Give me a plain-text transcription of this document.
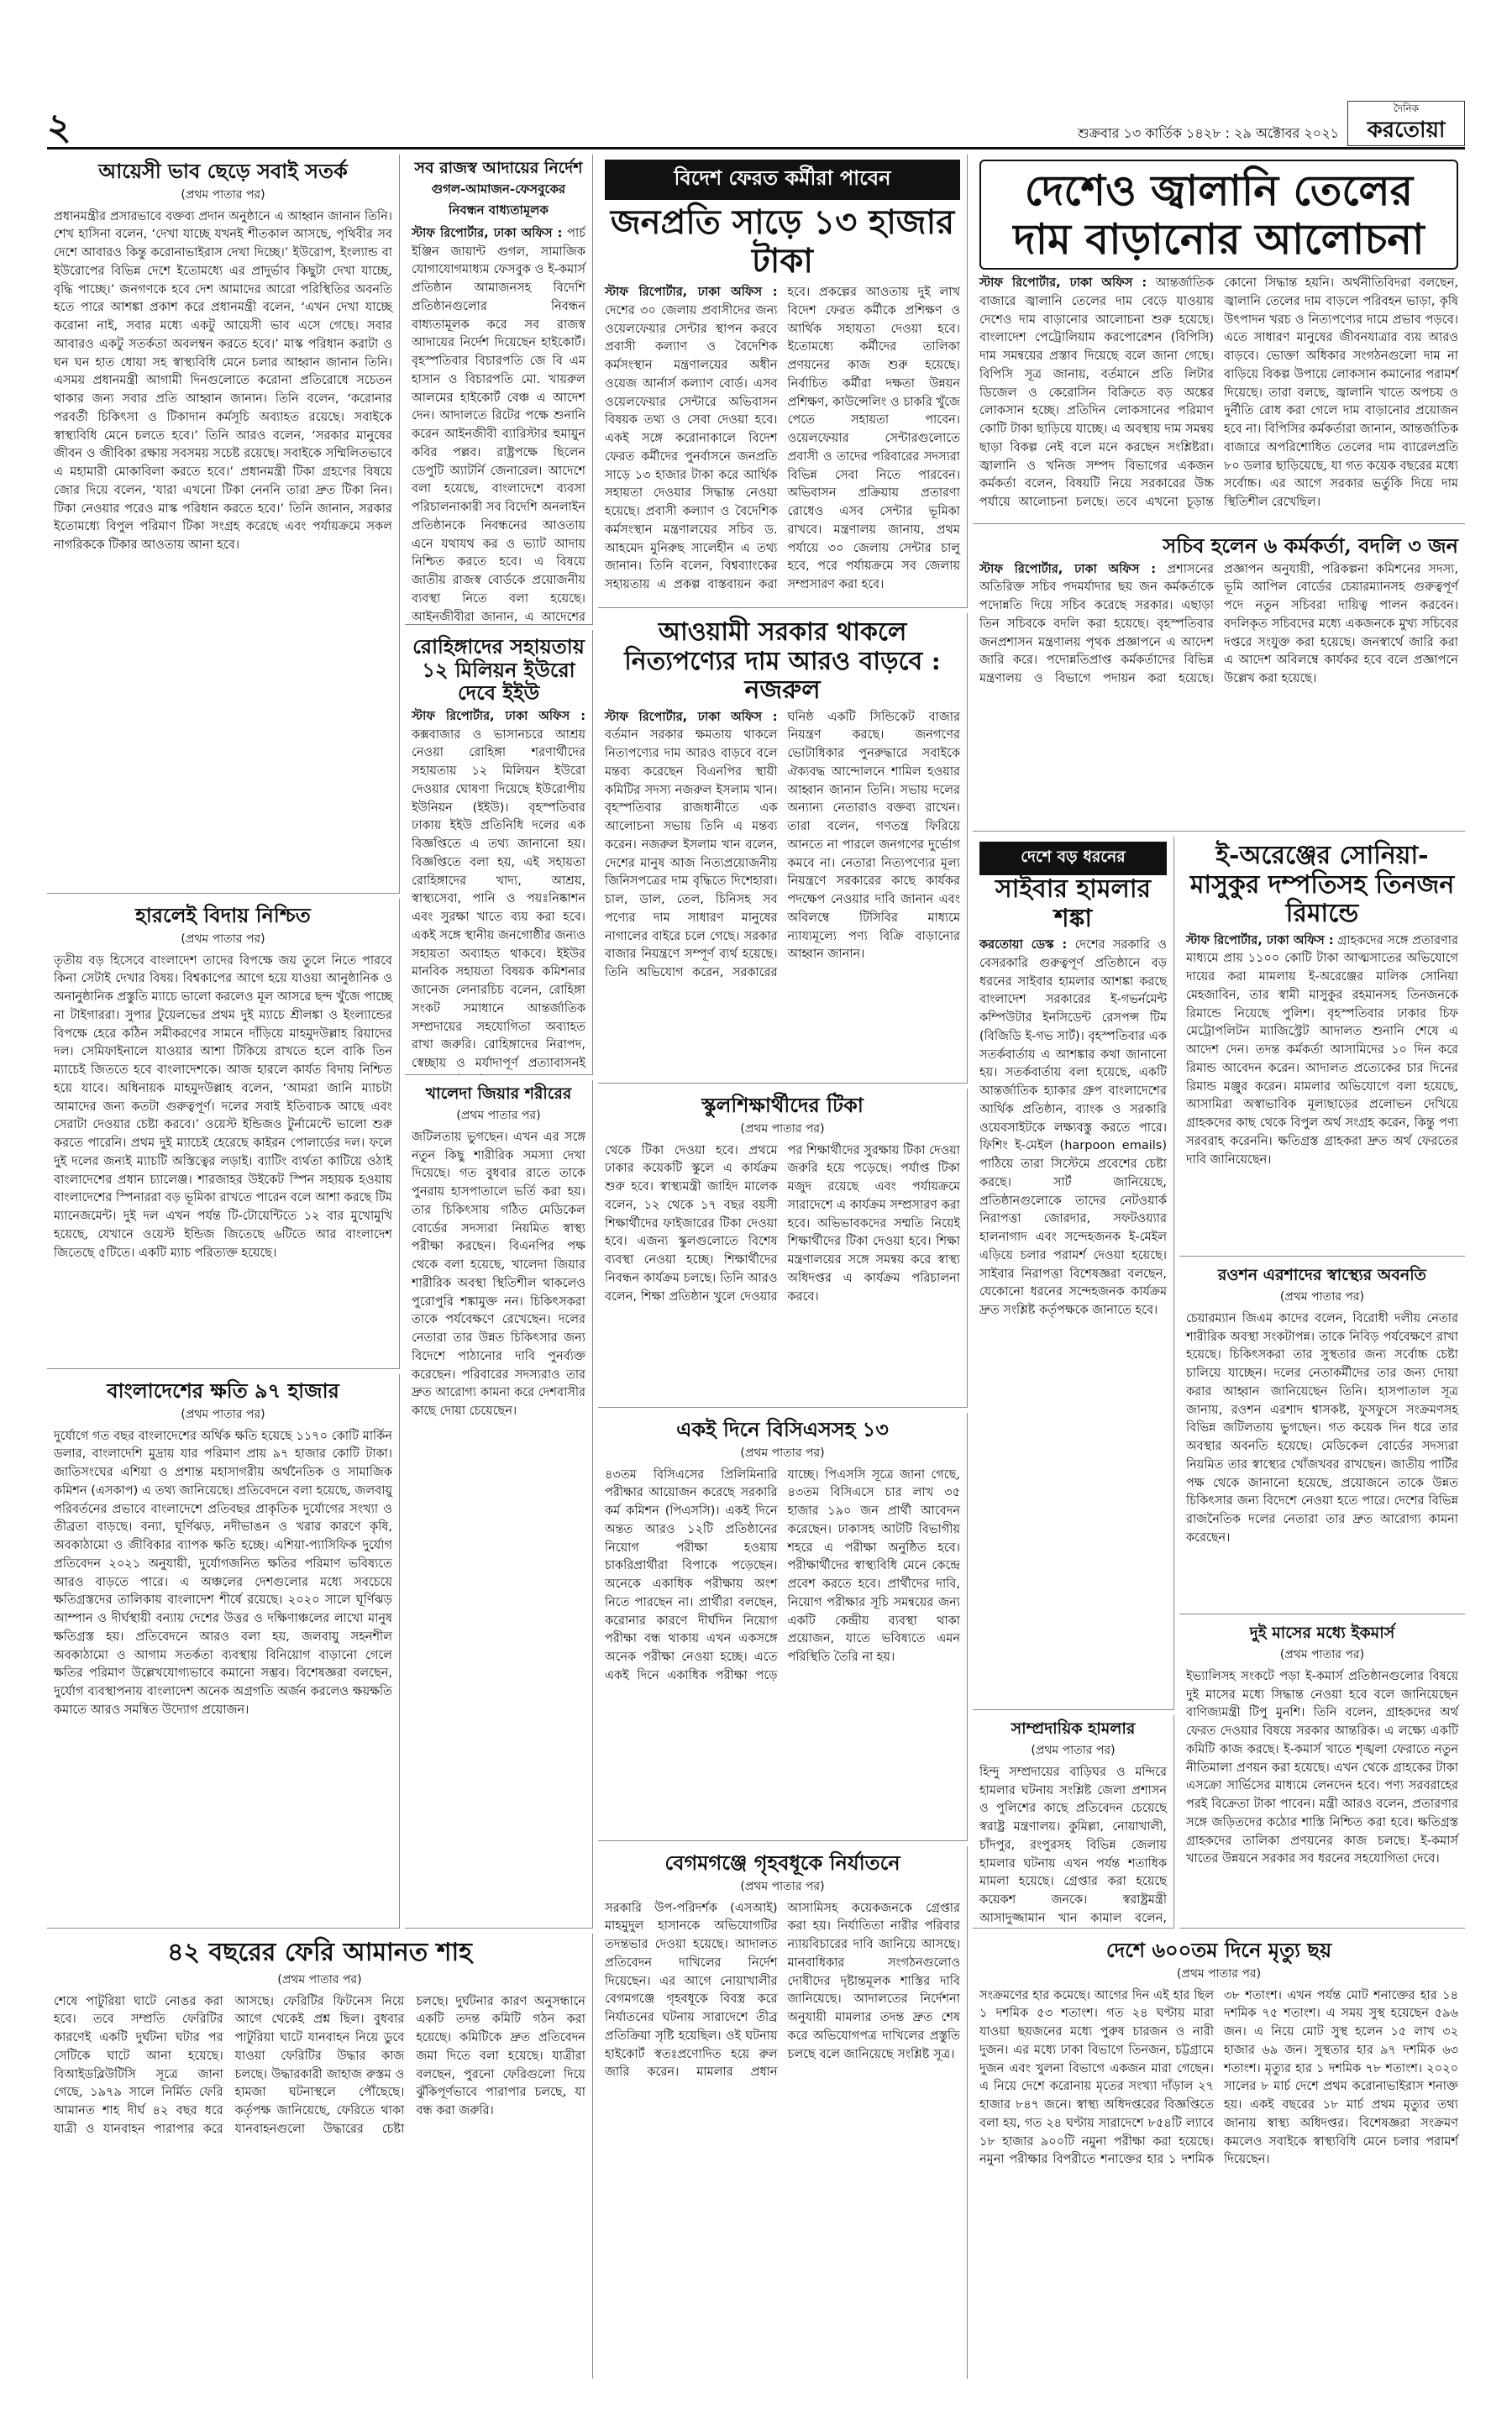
২	শুক্রবার ১৩ কার্তিক ১৪২৮ : ২৯ অক্টোবর ২০২১
দৈনিক
করতোয়া
আয়েসী ভাব ছেড়ে সবাই সতর্ক
(প্রথম পাতার পর)
প্রধানমন্ত্রীর প্রসারভাবে বক্তব্য প্রদান অনুষ্ঠানে এ আহ্বান জানান তিনি। শেখ হাসিনা বলেন, ‘দেখা যাচ্ছে যখনই শীতকাল আসছে, পৃথিবীর সব দেশে আবারও কিন্তু করোনাভাইরাস দেখা দিচ্ছে।’ ইউরোপ, ইংল্যান্ড বা ইউরোপের বিভিন্ন দেশে ইতোমধ্যে এর প্রাদুর্ভাব কিছুটা দেখা যাচ্ছে, বৃদ্ধি পাচ্ছে।’ জনগণকে হবে দেশ আমাদের আরো পরিস্থিতির অবনতি হতে পারে আশঙ্কা প্রকাশ করে প্রধানমন্ত্রী বলেন, ‘এখন দেখা যাচ্ছে করোনা নাই, সবার মধ্যে একটু আয়েসী ভাব এসে গেছে। সবার আবারও একটু সতর্কতা অবলম্বন করতে হবে।’ মাস্ক পরিধান করাটা ও ঘন ঘন হাত ধোয়া সহ স্বাস্থ্যবিধি মেনে চলার আহ্বান জানান তিনি। এসময় প্রধানমন্ত্রী আগামী দিনগুলোতে করোনা প্রতিরোধে সচেতন থাকার জন্য সবার প্রতি আহ্বান জানান। তিনি বলেন, ‘করোনার পরবর্তী চিকিৎসা ও টিকাদান কর্মসূচি অব্যাহত রয়েছে। সবাইকে স্বাস্থ্যবিধি মেনে চলতে হবে।’ তিনি আরও বলেন, ‘সরকার মানুষের জীবন ও জীবিকা রক্ষায় সবসময় সচেষ্ট রয়েছে। সবাইকে সম্মিলিতভাবে এ মহামারী মোকাবিলা করতে হবে।’ প্রধানমন্ত্রী টিকা গ্রহণের বিষয়ে জোর দিয়ে বলেন, ‘যারা এখনো টিকা নেননি তারা দ্রুত টিকা নিন। টিকা নেওয়ার পরেও মাস্ক পরিধান করতে হবে।’ তিনি জানান, সরকার ইতোমধ্যে বিপুল পরিমাণ টিকা সংগ্রহ করেছে এবং পর্যায়ক্রমে সকল নাগরিককে টিকার আওতায় আনা হবে।
হারলেই বিদায় নিশ্চিত
(প্রথম পাতার পর)
তৃতীয় বড় হিসেবে বাংলাদেশ তাদের বিপক্ষে জয় তুলে নিতে পারবে কিনা সেটাই দেখার বিষয়। বিশ্বকাপের আগে হয়ে যাওয়া আনুষ্ঠানিক ও অনানুষ্ঠানিক প্রস্তুতি ম্যাচে ভালো করলেও মূল আসরে ছন্দ খুঁজে পাচ্ছে না টাইগাররা। সুপার টুয়েলভের প্রথম দুই ম্যাচে শ্রীলঙ্কা ও ইংল্যান্ডের বিপক্ষে হেরে কঠিন সমীকরণের সামনে দাঁড়িয়ে মাহমুদউল্লাহ রিয়াদের দল। সেমিফাইনালে যাওয়ার আশা টিকিয়ে রাখতে হলে বাকি তিন ম্যাচেই জিততে হবে বাংলাদেশকে। আজ হারলে কার্যত বিদায় নিশ্চিত হয়ে যাবে। অধিনায়ক মাহমুদউল্লাহ বলেন, ‘আমরা জানি ম্যাচটা আমাদের জন্য কতটা গুরুত্বপূর্ণ। দলের সবাই ইতিবাচক আছে এবং সেরাটা দেওয়ার চেষ্টা করবে।’ ওয়েস্ট ইন্ডিজও টুর্নামেন্টে ভালো শুরু করতে পারেনি। প্রথম দুই ম্যাচেই হেরেছে কাইরন পোলার্ডের দল। ফলে দুই দলের জন্যই ম্যাচটি অস্তিত্বের লড়াই। ব্যাটিং ব্যর্থতা কাটিয়ে ওঠাই বাংলাদেশের প্রধান চ্যালেঞ্জ। শারজাহর উইকেট স্পিন সহায়ক হওয়ায় বাংলাদেশের স্পিনাররা বড় ভূমিকা রাখতে পারেন বলে আশা করছে টিম ম্যানেজমেন্ট। দুই দল এখন পর্যন্ত টি-টোয়েন্টিতে ১২ বার মুখোমুখি হয়েছে, যেখানে ওয়েস্ট ইন্ডিজ জিতেছে ৬টিতে আর বাংলাদেশ জিতেছে ৫টিতে। একটি ম্যাচ পরিত্যক্ত হয়েছে।
বাংলাদেশের ক্ষতি ৯৭ হাজার
(প্রথম পাতার পর)
দুর্যোগে গত বছর বাংলাদেশের অর্থিক ক্ষতি হয়েছে ১১৭০ কোটি মার্কিন ডলার, বাংলাদেশি মুদ্রায় যার পরিমাণ প্রায় ৯৭ হাজার কোটি টাকা। জাতিসংঘের এশিয়া ও প্রশান্ত মহাসাগরীয় অর্থনৈতিক ও সামাজিক কমিশন (এসকাপ) এ তথ্য জানিয়েছে। প্রতিবেদনে বলা হয়েছে, জলবায়ু পরিবর্তনের প্রভাবে বাংলাদেশে প্রতিবছর প্রাকৃতিক দুর্যোগের সংখ্যা ও তীব্রতা বাড়ছে। বন্যা, ঘূর্ণিঝড়, নদীভাঙন ও খরার কারণে কৃষি, অবকাঠামো ও জীবিকার ব্যাপক ক্ষতি হচ্ছে। এশিয়া-প্যাসিফিক দুর্যোগ প্রতিবেদন ২০২১ অনুযায়ী, দুর্যোগজনিত ক্ষতির পরিমাণ ভবিষ্যতে আরও বাড়তে পারে। এ অঞ্চলের দেশগুলোর মধ্যে সবচেয়ে ক্ষতিগ্রস্তদের তালিকায় বাংলাদেশ শীর্ষে রয়েছে। ২০২০ সালে ঘূর্ণিঝড় আম্পান ও দীর্ঘস্থায়ী বন্যায় দেশের উত্তর ও দক্ষিণাঞ্চলের লাখো মানুষ ক্ষতিগ্রস্ত হয়। প্রতিবেদনে আরও বলা হয়, জলবায়ু সহনশীল অবকাঠামো ও আগাম সতর্কতা ব্যবস্থায় বিনিয়োগ বাড়ানো গেলে ক্ষতির পরিমাণ উল্লেখযোগ্যভাবে কমানো সম্ভব। বিশেষজ্ঞরা বলছেন, দুর্যোগ ব্যবস্থাপনায় বাংলাদেশ অনেক অগ্রগতি অর্জন করলেও ক্ষয়ক্ষতি কমাতে আরও সমন্বিত উদ্যোগ প্রয়োজন।
৪২ বছরের ফেরি আমানত শাহ
(প্রথম পাতার পর)
শেষে পাটুরিয়া ঘাটে নোঙর করা হবে। তবে সম্প্রতি ফেরিটির কারণেই একটি দুর্ঘটনা ঘটার পর সেটিকে ঘাটে আনা হয়েছে। বিআইডব্লিউটিসি সূত্রে জানা গেছে, ১৯৭৯ সালে নির্মিত ফেরি আমানত শাহ দীর্ঘ ৪২ বছর ধরে যাত্রী ও যানবাহন পারাপার করে আসছে। ফেরিটির ফিটনেস নিয়ে আগে থেকেই প্রশ্ন ছিল। বুধবার পাটুরিয়া ঘাটে যানবাহন নিয়ে ডুবে যাওয়া ফেরিটির উদ্ধার কাজ চলছে। উদ্ধারকারী জাহাজ রুস্তম ও হামজা ঘটনাস্থলে পৌঁছেছে। কর্তৃপক্ষ জানিয়েছে, ফেরিতে থাকা যানবাহনগুলো উদ্ধারের চেষ্টা চলছে। দুর্ঘটনার কারণ অনুসন্ধানে একটি তদন্ত কমিটি গঠন করা হয়েছে। কমিটিকে দ্রুত প্রতিবেদন জমা দিতে বলা হয়েছে। যাত্রীরা বলছেন, পুরনো ফেরিগুলো দিয়ে ঝুঁকিপূর্ণভাবে পারাপার চলছে, যা বন্ধ করা জরুরি।
সব রাজস্ব আদায়ের নির্দেশ
গুগল-আমাজন-ফেসবুকের নিবন্ধন বাধ্যতামূলক
স্টাফ রিপোর্টার, ঢাকা অফিস : পার্চ ইঞ্জিন জায়ান্ট গুগল, সামাজিক যোগাযোগমাধ্যম ফেসবুক ও ই-কমার্স প্রতিষ্ঠান আমাজনসহ বিদেশি প্রতিষ্ঠানগুলোর নিবন্ধন বাধ্যতামূলক করে সব রাজস্ব আদায়ের নির্দেশ দিয়েছেন হাইকোর্ট। বৃহস্পতিবার বিচারপতি জে বি এম হাসান ও বিচারপতি মো. খায়রুল আলমের হাইকোর্ট বেঞ্চ এ আদেশ দেন। আদালতে রিটের পক্ষে শুনানি করেন আইনজীবী ব্যারিস্টার হুমায়ুন কবির পল্লব। রাষ্ট্রপক্ষে ছিলেন ডেপুটি অ্যাটর্নি জেনারেল। আদেশে বলা হয়েছে, বাংলাদেশে ব্যবসা পরিচালনাকারী সব বিদেশি অনলাইন প্রতিষ্ঠানকে নিবন্ধনের আওতায় এনে যথাযথ কর ও ভ্যাট আদায় নিশ্চিত করতে হবে। এ বিষয়ে জাতীয় রাজস্ব বোর্ডকে প্রয়োজনীয় ব্যবস্থা নিতে বলা হয়েছে। আইনজীবীরা জানান, এ আদেশের
রোহিঙ্গাদের সহায়তায় ১২ মিলিয়ন ইউরো দেবে ইইউ
স্টাফ রিপোর্টার, ঢাকা অফিস : কক্সবাজার ও ভাসানচরে আশ্রয় নেওয়া রোহিঙ্গা শরণার্থীদের সহায়তায় ১২ মিলিয়ন ইউরো দেওয়ার ঘোষণা দিয়েছে ইউরোপীয় ইউনিয়ন (ইইউ)। বৃহস্পতিবার ঢাকায় ইইউ প্রতিনিধি দলের এক বিজ্ঞপ্তিতে এ তথ্য জানানো হয়। বিজ্ঞপ্তিতে বলা হয়, এই সহায়তা রোহিঙ্গাদের খাদ্য, আশ্রয়, স্বাস্থ্যসেবা, পানি ও পয়ঃনিষ্কাশন এবং সুরক্ষা খাতে ব্যয় করা হবে। একই সঙ্গে স্থানীয় জনগোষ্ঠীর জন্যও সহায়তা অব্যাহত থাকবে। ইইউর মানবিক সহায়তা বিষয়ক কমিশনার জানেজ লেনারচিচ বলেন, রোহিঙ্গা সংকট সমাধানে আন্তর্জাতিক সম্প্রদায়ের সহযোগিতা অব্যাহত রাখা জরুরি। রোহিঙ্গাদের নিরাপদ, স্বেচ্ছায় ও মর্যাদাপূর্ণ প্রত্যাবাসনই
খালেদা জিয়ার শরীরের
(প্রথম পাতার পর)
জটিলতায় ভুগছেন। এখন এর সঙ্গে নতুন কিছু শারীরিক সমস্যা দেখা দিয়েছে। গত বুধবার রাতে তাকে পুনরায় হাসপাতালে ভর্তি করা হয়। তার চিকিৎসায় গঠিত মেডিকেল বোর্ডের সদস্যরা নিয়মিত স্বাস্থ্য পরীক্ষা করছেন। বিএনপির পক্ষ থেকে বলা হয়েছে, খালেদা জিয়ার শারীরিক অবস্থা স্থিতিশীল থাকলেও পুরোপুরি শঙ্কামুক্ত নন। চিকিৎসকরা তাকে পর্যবেক্ষণে রেখেছেন। দলের নেতারা তার উন্নত চিকিৎসার জন্য বিদেশে পাঠানোর দাবি পুনর্ব্যক্ত করেছেন। পরিবারের সদস্যরাও তার দ্রুত আরোগ্য কামনা করে দেশবাসীর কাছে দোয়া চেয়েছেন।
বিদেশ ফেরত কর্মীরা পাবেন
জনপ্রতি সাড়ে ১৩ হাজার টাকা
স্টাফ রিপোর্টার, ঢাকা অফিস : দেশের ৩০ জেলায় প্রবাসীদের জন্য ওয়েলফেয়ার সেন্টার স্থাপন করবে প্রবাসী কল্যাণ ও বৈদেশিক কর্মসংস্থান মন্ত্রণালয়ের অধীন ওয়েজ আর্নার্স কল্যাণ বোর্ড। এসব ওয়েলফেয়ার সেন্টারে অভিবাসন বিষয়ক তথ্য ও সেবা দেওয়া হবে। একই সঙ্গে করোনাকালে বিদেশ ফেরত কর্মীদের পুনর্বাসনে জনপ্রতি সাড়ে ১৩ হাজার টাকা করে আর্থিক সহায়তা দেওয়ার সিদ্ধান্ত নেওয়া হয়েছে। প্রবাসী কল্যাণ ও বৈদেশিক কর্মসংস্থান মন্ত্রণালয়ের সচিব ড. আহমেদ মুনিরুছ সালেহীন এ তথ্য জানান। তিনি বলেন, বিশ্বব্যাংকের সহায়তায় এ প্রকল্প বাস্তবায়ন করা হবে। প্রকল্পের আওতায় দুই লাখ বিদেশ ফেরত কর্মীকে প্রশিক্ষণ ও আর্থিক সহায়তা দেওয়া হবে। ইতোমধ্যে কর্মীদের তালিকা প্রণয়নের কাজ শুরু হয়েছে। নির্বাচিত কর্মীরা দক্ষতা উন্নয়ন প্রশিক্ষণ, কাউন্সেলিং ও চাকরি খুঁজে পেতে সহায়তা পাবেন। ওয়েলফেয়ার সেন্টারগুলোতে প্রবাসী ও তাদের পরিবারের সদস্যরা বিভিন্ন সেবা নিতে পারবেন। অভিবাসন প্রক্রিয়ায় প্রতারণা রোধেও এসব সেন্টার ভূমিকা রাখবে। মন্ত্রণালয় জানায়, প্রথম পর্যায়ে ৩০ জেলায় সেন্টার চালু হবে, পরে পর্যায়ক্রমে সব জেলায় সম্প্রসারণ করা হবে।
আওয়ামী সরকার থাকলে নিত্যপণ্যের দাম আরও বাড়বে : নজরুল
স্টাফ রিপোর্টার, ঢাকা অফিস : বর্তমান সরকার ক্ষমতায় থাকলে নিত্যপণ্যের দাম আরও বাড়বে বলে মন্তব্য করেছেন বিএনপির স্থায়ী কমিটির সদস্য নজরুল ইসলাম খান। বৃহস্পতিবার রাজধানীতে এক আলোচনা সভায় তিনি এ মন্তব্য করেন। নজরুল ইসলাম খান বলেন, দেশের মানুষ আজ নিত্যপ্রয়োজনীয় জিনিসপত্রের দাম বৃদ্ধিতে দিশেহারা। চাল, ডাল, তেল, চিনিসহ সব পণ্যের দাম সাধারণ মানুষের নাগালের বাইরে চলে গেছে। সরকার বাজার নিয়ন্ত্রণে সম্পূর্ণ ব্যর্থ হয়েছে। তিনি অভিযোগ করেন, সরকারের ঘনিষ্ঠ একটি সিন্ডিকেট বাজার নিয়ন্ত্রণ করছে। জনগণের ভোটাধিকার পুনরুদ্ধারে সবাইকে ঐক্যবদ্ধ আন্দোলনে শামিল হওয়ার আহ্বান জানান তিনি। সভায় দলের অন্যান্য নেতারাও বক্তব্য রাখেন। তারা বলেন, গণতন্ত্র ফিরিয়ে আনতে না পারলে জনগণের দুর্ভোগ কমবে না। নেতারা নিত্যপণ্যের মূল্য নিয়ন্ত্রণে সরকারের কাছে কার্যকর পদক্ষেপ নেওয়ার দাবি জানান এবং অবিলম্বে টিসিবির মাধ্যমে ন্যায্যমূল্যে পণ্য বিক্রি বাড়ানোর আহ্বান জানান।
স্কুলশিক্ষার্থীদের টিকা
(প্রথম পাতার পর)
থেকে টিকা দেওয়া হবে। প্রথমে ঢাকার কয়েকটি স্কুলে এ কার্যক্রম শুরু হবে। স্বাস্থ্যমন্ত্রী জাহিদ মালেক বলেন, ১২ থেকে ১৭ বছর বয়সী শিক্ষার্থীদের ফাইজারের টিকা দেওয়া হবে। এজন্য স্কুলগুলোতে বিশেষ ব্যবস্থা নেওয়া হচ্ছে। শিক্ষার্থীদের নিবন্ধন কার্যক্রম চলছে। তিনি আরও বলেন, শিক্ষা প্রতিষ্ঠান খুলে দেওয়ার পর শিক্ষার্থীদের সুরক্ষায় টিকা দেওয়া জরুরি হয়ে পড়েছে। পর্যাপ্ত টিকা মজুদ রয়েছে এবং পর্যায়ক্রমে সারাদেশে এ কার্যক্রম সম্প্রসারণ করা হবে। অভিভাবকদের সম্মতি নিয়েই শিক্ষার্থীদের টিকা দেওয়া হবে। শিক্ষা মন্ত্রণালয়ের সঙ্গে সমন্বয় করে স্বাস্থ্য অধিদপ্তর এ কার্যক্রম পরিচালনা করবে।
একই দিনে বিসিএসসহ ১৩
(প্রথম পাতার পর)
৪৩তম বিসিএসের প্রিলিমিনারি পরীক্ষার আয়োজন করেছে সরকারি কর্ম কমিশন (পিএসসি)। একই দিনে অন্তত আরও ১২টি প্রতিষ্ঠানের নিয়োগ পরীক্ষা হওয়ায় চাকরিপ্রার্থীরা বিপাকে পড়েছেন। অনেকে একাধিক পরীক্ষায় অংশ নিতে পারছেন না। প্রার্থীরা বলছেন, করোনার কারণে দীর্ঘদিন নিয়োগ পরীক্ষা বন্ধ থাকায় এখন একসঙ্গে অনেক পরীক্ষা নেওয়া হচ্ছে। এতে একই দিনে একাধিক পরীক্ষা পড়ে যাচ্ছে। পিএসসি সূত্রে জানা গেছে, ৪৩তম বিসিএসে চার লাখ ৩৫ হাজার ১৯০ জন প্রার্থী আবেদন করেছেন। ঢাকাসহ আটটি বিভাগীয় শহরে এ পরীক্ষা অনুষ্ঠিত হবে। পরীক্ষার্থীদের স্বাস্থ্যবিধি মেনে কেন্দ্রে প্রবেশ করতে হবে। প্রার্থীদের দাবি, নিয়োগ পরীক্ষার সূচি সমন্বয়ের জন্য একটি কেন্দ্রীয় ব্যবস্থা থাকা প্রয়োজন, যাতে ভবিষ্যতে এমন পরিস্থিতি তৈরি না হয়।
বেগমগঞ্জে গৃহবধূকে নির্যাতনে
(প্রথম পাতার পর)
সরকারি উপ-পরিদর্শক (এসআই) মাহমুদুল হাসানকে অভিযোগটির তদন্তভার দেওয়া হয়েছে। আদালত প্রতিবেদন দাখিলের নির্দেশ দিয়েছেন। এর আগে নোয়াখালীর বেগমগঞ্জে গৃহবধূকে বিবস্ত্র করে নির্যাতনের ঘটনায় সারাদেশে তীব্র প্রতিক্রিয়া সৃষ্টি হয়েছিল। ওই ঘটনায় হাইকোর্ট স্বতঃপ্রণোদিত হয়ে রুল জারি করেন। মামলার প্রধান আসামিসহ কয়েকজনকে গ্রেপ্তার করা হয়। নির্যাতিতা নারীর পরিবার ন্যায়বিচারের দাবি জানিয়ে আসছে। মানবাধিকার সংগঠনগুলোও দোষীদের দৃষ্টান্তমূলক শাস্তির দাবি জানিয়েছে। আদালতের নির্দেশনা অনুযায়ী মামলার তদন্ত দ্রুত শেষ করে অভিযোগপত্র দাখিলের প্রস্তুতি চলছে বলে জানিয়েছে সংশ্লিষ্ট সূত্র।
দেশেও জ্বালানি তেলের দাম বাড়ানোর আলোচনা
স্টাফ রিপোর্টার, ঢাকা অফিস : আন্তর্জাতিক বাজারে জ্বালানি তেলের দাম বেড়ে যাওয়ায় দেশেও দাম বাড়ানোর আলোচনা শুরু হয়েছে। বাংলাদেশ পেট্রোলিয়াম করপোরেশন (বিপিসি) দাম সমন্বয়ের প্রস্তাব দিয়েছে বলে জানা গেছে। বিপিসি সূত্র জানায়, বর্তমানে প্রতি লিটার ডিজেল ও কেরোসিন বিক্রিতে বড় অঙ্কের লোকসান হচ্ছে। প্রতিদিন লোকসানের পরিমাণ কোটি টাকা ছাড়িয়ে যাচ্ছে। এ অবস্থায় দাম সমন্বয় ছাড়া বিকল্প নেই বলে মনে করছেন সংশ্লিষ্টরা। জ্বালানি ও খনিজ সম্পদ বিভাগের একজন কর্মকর্তা বলেন, বিষয়টি নিয়ে সরকারের উচ্চ পর্যায়ে আলোচনা চলছে। তবে এখনো চূড়ান্ত কোনো সিদ্ধান্ত হয়নি। অর্থনীতিবিদরা বলছেন, জ্বালানি তেলের দাম বাড়লে পরিবহন ভাড়া, কৃষি উৎপাদন খরচ ও নিত্যপণ্যের দামে প্রভাব পড়বে। এতে সাধারণ মানুষের জীবনযাত্রার ব্যয় আরও বাড়বে। ভোক্তা অধিকার সংগঠনগুলো দাম না বাড়িয়ে বিকল্প উপায়ে লোকসান কমানোর পরামর্শ দিয়েছে। তারা বলছে, জ্বালানি খাতে অপচয় ও দুর্নীতি রোধ করা গেলে দাম বাড়ানোর প্রয়োজন হবে না। বিপিসির কর্মকর্তারা জানান, আন্তর্জাতিক বাজারে অপরিশোধিত তেলের দাম ব্যারেলপ্রতি ৮০ ডলার ছাড়িয়েছে, যা গত কয়েক বছরের মধ্যে সর্বোচ্চ। এর আগে সরকার ভর্তুকি দিয়ে দাম স্থিতিশীল রেখেছিল।
সচিব হলেন ৬ কর্মকর্তা, বদলি ৩ জন
স্টাফ রিপোর্টার, ঢাকা অফিস : প্রশাসনের অতিরিক্ত সচিব পদমর্যাদার ছয় জন কর্মকর্তাকে পদোন্নতি দিয়ে সচিব করেছে সরকার। এছাড়া তিন সচিবকে বদলি করা হয়েছে। বৃহস্পতিবার জনপ্রশাসন মন্ত্রণালয় পৃথক প্রজ্ঞাপনে এ আদেশ জারি করে। পদোন্নতিপ্রাপ্ত কর্মকর্তাদের বিভিন্ন মন্ত্রণালয় ও বিভাগে পদায়ন করা হয়েছে। প্রজ্ঞাপন অনুযায়ী, পরিকল্পনা কমিশনের সদস্য, ভূমি আপিল বোর্ডের চেয়ারম্যানসহ গুরুত্বপূর্ণ পদে নতুন সচিবরা দায়িত্ব পালন করবেন। বদলিকৃত সচিবদের মধ্যে একজনকে মুখ্য সচিবের দপ্তরে সংযুক্ত করা হয়েছে। জনস্বার্থে জারি করা এ আদেশ অবিলম্বে কার্যকর হবে বলে প্রজ্ঞাপনে উল্লেখ করা হয়েছে।
দেশে বড় ধরনের
সাইবার হামলার শঙ্কা
করতোয়া ডেস্ক : দেশের সরকারি ও বেসরকারি গুরুত্বপূর্ণ প্রতিষ্ঠানে বড় ধরনের সাইবার হামলার আশঙ্কা করছে বাংলাদেশ সরকারের ই-গভর্নমেন্ট কম্পিউটার ইনসিডেন্ট রেসপন্স টিম (বিজিডি ই-গভ সার্ট)। বৃহস্পতিবার এক সতর্কবার্তায় এ আশঙ্কার কথা জানানো হয়। সতর্কবার্তায় বলা হয়েছে, একটি আন্তর্জাতিক হ্যাকার গ্রুপ বাংলাদেশের আর্থিক প্রতিষ্ঠান, ব্যাংক ও সরকারি ওয়েবসাইটকে লক্ষ্যবস্তু করতে পারে। ফিশিং ই-মেইল (harpoon emails) পাঠিয়ে তারা সিস্টেমে প্রবেশের চেষ্টা করছে। সার্ট জানিয়েছে, প্রতিষ্ঠানগুলোকে তাদের নেটওয়ার্ক নিরাপত্তা জোরদার, সফটওয়্যার হালনাগাদ এবং সন্দেহজনক ই-মেইল এড়িয়ে চলার পরামর্শ দেওয়া হয়েছে। সাইবার নিরাপত্তা বিশেষজ্ঞরা বলছেন, যেকোনো ধরনের সন্দেহজনক কার্যক্রম দ্রুত সংশ্লিষ্ট কর্তৃপক্ষকে জানাতে হবে।
সাম্প্রদায়িক হামলার
(প্রথম পাতার পর)
হিন্দু সম্প্রদায়ের বাড়িঘর ও মন্দিরে হামলার ঘটনায় সংশ্লিষ্ট জেলা প্রশাসন ও পুলিশের কাছে প্রতিবেদন চেয়েছে স্বরাষ্ট্র মন্ত্রণালয়। কুমিল্লা, নোয়াখালী, চাঁদপুর, রংপুরসহ বিভিন্ন জেলায় হামলার ঘটনায় এখন পর্যন্ত শতাধিক মামলা হয়েছে। গ্রেপ্তার করা হয়েছে কয়েকশ জনকে। স্বরাষ্ট্রমন্ত্রী আসাদুজ্জামান খান কামাল বলেন,
ই-অরেঞ্জের সোনিয়া-মাসুকুর দম্পতিসহ তিনজন রিমান্ডে
স্টাফ রিপোর্টার, ঢাকা অফিস : গ্রাহকদের সঙ্গে প্রতারণার মাধ্যমে প্রায় ১১০০ কোটি টাকা আত্মসাতের অভিযোগে দায়ের করা মামলায় ই-অরেঞ্জের মালিক সোনিয়া মেহজাবিন, তার স্বামী মাসুকুর রহমানসহ তিনজনকে রিমান্ডে নিয়েছে পুলিশ। বৃহস্পতিবার ঢাকার চিফ মেট্রোপলিটন ম্যাজিস্ট্রেট আদালত শুনানি শেষে এ আদেশ দেন। তদন্ত কর্মকর্তা আসামিদের ১০ দিন করে রিমান্ড আবেদন করেন। আদালত প্রত্যেকের চার দিনের রিমান্ড মঞ্জুর করেন। মামলার অভিযোগে বলা হয়েছে, আসামিরা অস্বাভাবিক মূল্যছাড়ের প্রলোভন দেখিয়ে গ্রাহকদের কাছ থেকে বিপুল অর্থ সংগ্রহ করেন, কিন্তু পণ্য সরবরাহ করেননি। ক্ষতিগ্রস্ত গ্রাহকরা দ্রুত অর্থ ফেরতের দাবি জানিয়েছেন।
রওশন এরশাদের স্বাস্থ্যের অবনতি
(প্রথম পাতার পর)
চেয়ারম্যান জিএম কাদের বলেন, বিরোধী দলীয় নেতার শারীরিক অবস্থা সংকটাপন্ন। তাকে নিবিড় পর্যবেক্ষণে রাখা হয়েছে। চিকিৎসকরা তার সুস্থতার জন্য সর্বোচ্চ চেষ্টা চালিয়ে যাচ্ছেন। দলের নেতাকর্মীদের তার জন্য দোয়া করার আহ্বান জানিয়েছেন তিনি। হাসপাতাল সূত্র জানায়, রওশন এরশাদ শ্বাসকষ্ট, ফুসফুসে সংক্রমণসহ বিভিন্ন জটিলতায় ভুগছেন। গত কয়েক দিন ধরে তার অবস্থার অবনতি হয়েছে। মেডিকেল বোর্ডের সদস্যরা নিয়মিত তার স্বাস্থ্যের খোঁজখবর রাখছেন। জাতীয় পার্টির পক্ষ থেকে জানানো হয়েছে, প্রয়োজনে তাকে উন্নত চিকিৎসার জন্য বিদেশে নেওয়া হতে পারে। দেশের বিভিন্ন রাজনৈতিক দলের নেতারা তার দ্রুত আরোগ্য কামনা করেছেন।
দুই মাসের মধ্যে ইকমার্স
(প্রথম পাতার পর)
ইভ্যালিসহ সংকটে পড়া ই-কমার্স প্রতিষ্ঠানগুলোর বিষয়ে দুই মাসের মধ্যে সিদ্ধান্ত নেওয়া হবে বলে জানিয়েছেন বাণিজ্যমন্ত্রী টিপু মুনশি। তিনি বলেন, গ্রাহকদের অর্থ ফেরত দেওয়ার বিষয়ে সরকার আন্তরিক। এ লক্ষ্যে একটি কমিটি কাজ করছে। ই-কমার্স খাতে শৃঙ্খলা ফেরাতে নতুন নীতিমালা প্রণয়ন করা হয়েছে। এখন থেকে গ্রাহকের টাকা এসক্রো সার্ভিসের মাধ্যমে লেনদেন হবে। পণ্য সরবরাহের পরই বিক্রেতা টাকা পাবেন। মন্ত্রী আরও বলেন, প্রতারণার সঙ্গে জড়িতদের কঠোর শাস্তি নিশ্চিত করা হবে। ক্ষতিগ্রস্ত গ্রাহকদের তালিকা প্রণয়নের কাজ চলছে। ই-কমার্স খাতের উন্নয়নে সরকার সব ধরনের সহযোগিতা দেবে।
দেশে ৬০০তম দিনে মৃত্যু ছয়
(প্রথম পাতার পর)
সংক্রমণের হার কমেছে। আগের দিন এই হার ছিল ১ দশমিক ৫৩ শতাংশ। গত ২৪ ঘণ্টায় মারা যাওয়া ছয়জনের মধ্যে পুরুষ চারজন ও নারী দুজন। এর মধ্যে ঢাকা বিভাগে তিনজন, চট্টগ্রামে দুজন এবং খুলনা বিভাগে একজন মারা গেছেন। এ নিয়ে দেশে করোনায় মৃতের সংখ্যা দাঁড়াল ২৭ হাজার ৮৪৭ জনে। স্বাস্থ্য অধিদপ্তরের বিজ্ঞপ্তিতে বলা হয়, গত ২৪ ঘণ্টায় সারাদেশে ৮৫৪টি ল্যাবে ১৮ হাজার ৯০০টি নমুনা পরীক্ষা করা হয়েছে। নমুনা পরীক্ষার বিপরীতে শনাক্তের হার ১ দশমিক ৩৮ শতাংশ। এখন পর্যন্ত মোট শনাক্তের হার ১৪ দশমিক ৭৫ শতাংশ। এ সময় সুস্থ হয়েছেন ৫৯৬ জন। এ নিয়ে মোট সুস্থ হলেন ১৫ লাখ ৩২ হাজার ৬৯ জন। সুস্থতার হার ৯৭ দশমিক ৬৩ শতাংশ। মৃত্যুর হার ১ দশমিক ৭৮ শতাংশ। ২০২০ সালের ৮ মার্চ দেশে প্রথম করোনাভাইরাস শনাক্ত হয়। একই বছরের ১৮ মার্চ প্রথম মৃত্যুর তথ্য জানায় স্বাস্থ্য অধিদপ্তর। বিশেষজ্ঞরা সংক্রমণ কমলেও সবাইকে স্বাস্থ্যবিধি মেনে চলার পরামর্শ দিয়েছেন।
